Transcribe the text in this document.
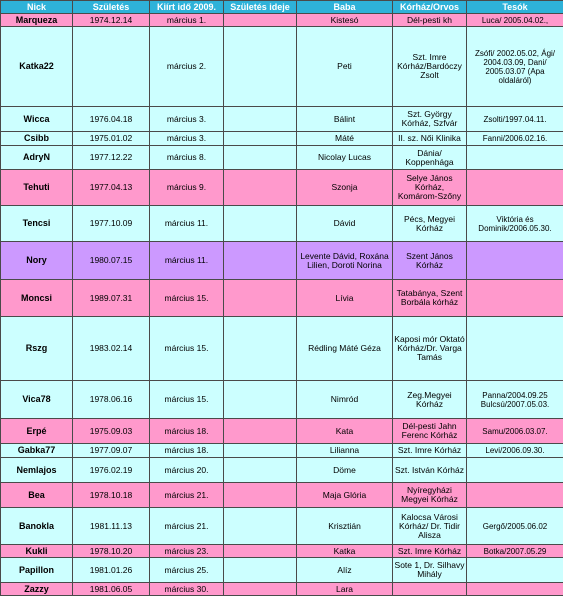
Nick	Születés	Kiírt idő 2009.	Születés ideje	Baba	Kórház/Orvos	Tesók
Marqueza	1974.12.14	március 1.		Kistesó	Dél-pesti kh	Luca/ 2005.04.02.,
Katka22		március 2.		Peti	Szt. Imre Kórház/Bardóczy Zsolt	Zsófi/ 2002.05.02, Ági/ 2004.03.09, Dani/ 2005.03.07 (Apa oldaláról)
Wicca	1976.04.18	március 3.		Bálint	Szt. György Kórház, Szfvár	Zsolti/1997.04.11.
Csibb	1975.01.02	március 3.		Máté	II. sz. Női Klinika	Fanni/2006.02.16.
AdryN	1977.12.22	március 8.		Nicolay Lucas	Dánia/ Koppenhága	
Tehuti	1977.04.13	március 9.		Szonja	Selye János Kórház, Komárom-Szőny	
Tencsi	1977.10.09	március 11.		Dávid	Pécs, Megyei Kórház	Viktória és Dominik/2006.05.30.
Nory	1980.07.15	március 11.		Levente Dávid, Roxána Lilien, Doroti Norina	Szent János Kórház	
Moncsi	1989.07.31	március 15.		Lívia	Tatabánya, Szent Borbála kórház	
Rszg	1983.02.14	március 15.		Rédling Máté Géza	Kaposi mór Oktató Kórház/Dr. Varga Tamás	
Vica78	1978.06.16	március 15.		Nimród	Zeg.Megyei Kórház	Panna/2004.09.25 Bulcsú/2007.05.03.
Erpé	1975.09.03	március 18.		Kata	Dél-pesti Jahn Ferenc Kórház	Samu/2006.03.07.
Gabka77	1977.09.07	március 18.		Lilianna	Szt. Imre Kórház	Levi/2006.09.30.
Nemlajos	1976.02.19	március 20.		Döme	Szt. István Kórház	
Bea	1978.10.18	március 21.		Maja Glória	Nyíregyházi Megyei Kórház	
Banokla	1981.11.13	március 21.		Krisztián	Kalocsa Városi Kórház/ Dr. Tidir Alisza	Gergő/2005.06.02
Kukli	1978.10.20	március 23.		Katka	Szt. Imre Kórház	Botka/2007.05.29
Papillon	1981.01.26	március 25.		Alíz	Sote 1, Dr. Silhavy Mihály	
Zazzy	1981.06.05	március 30.		Lara		
